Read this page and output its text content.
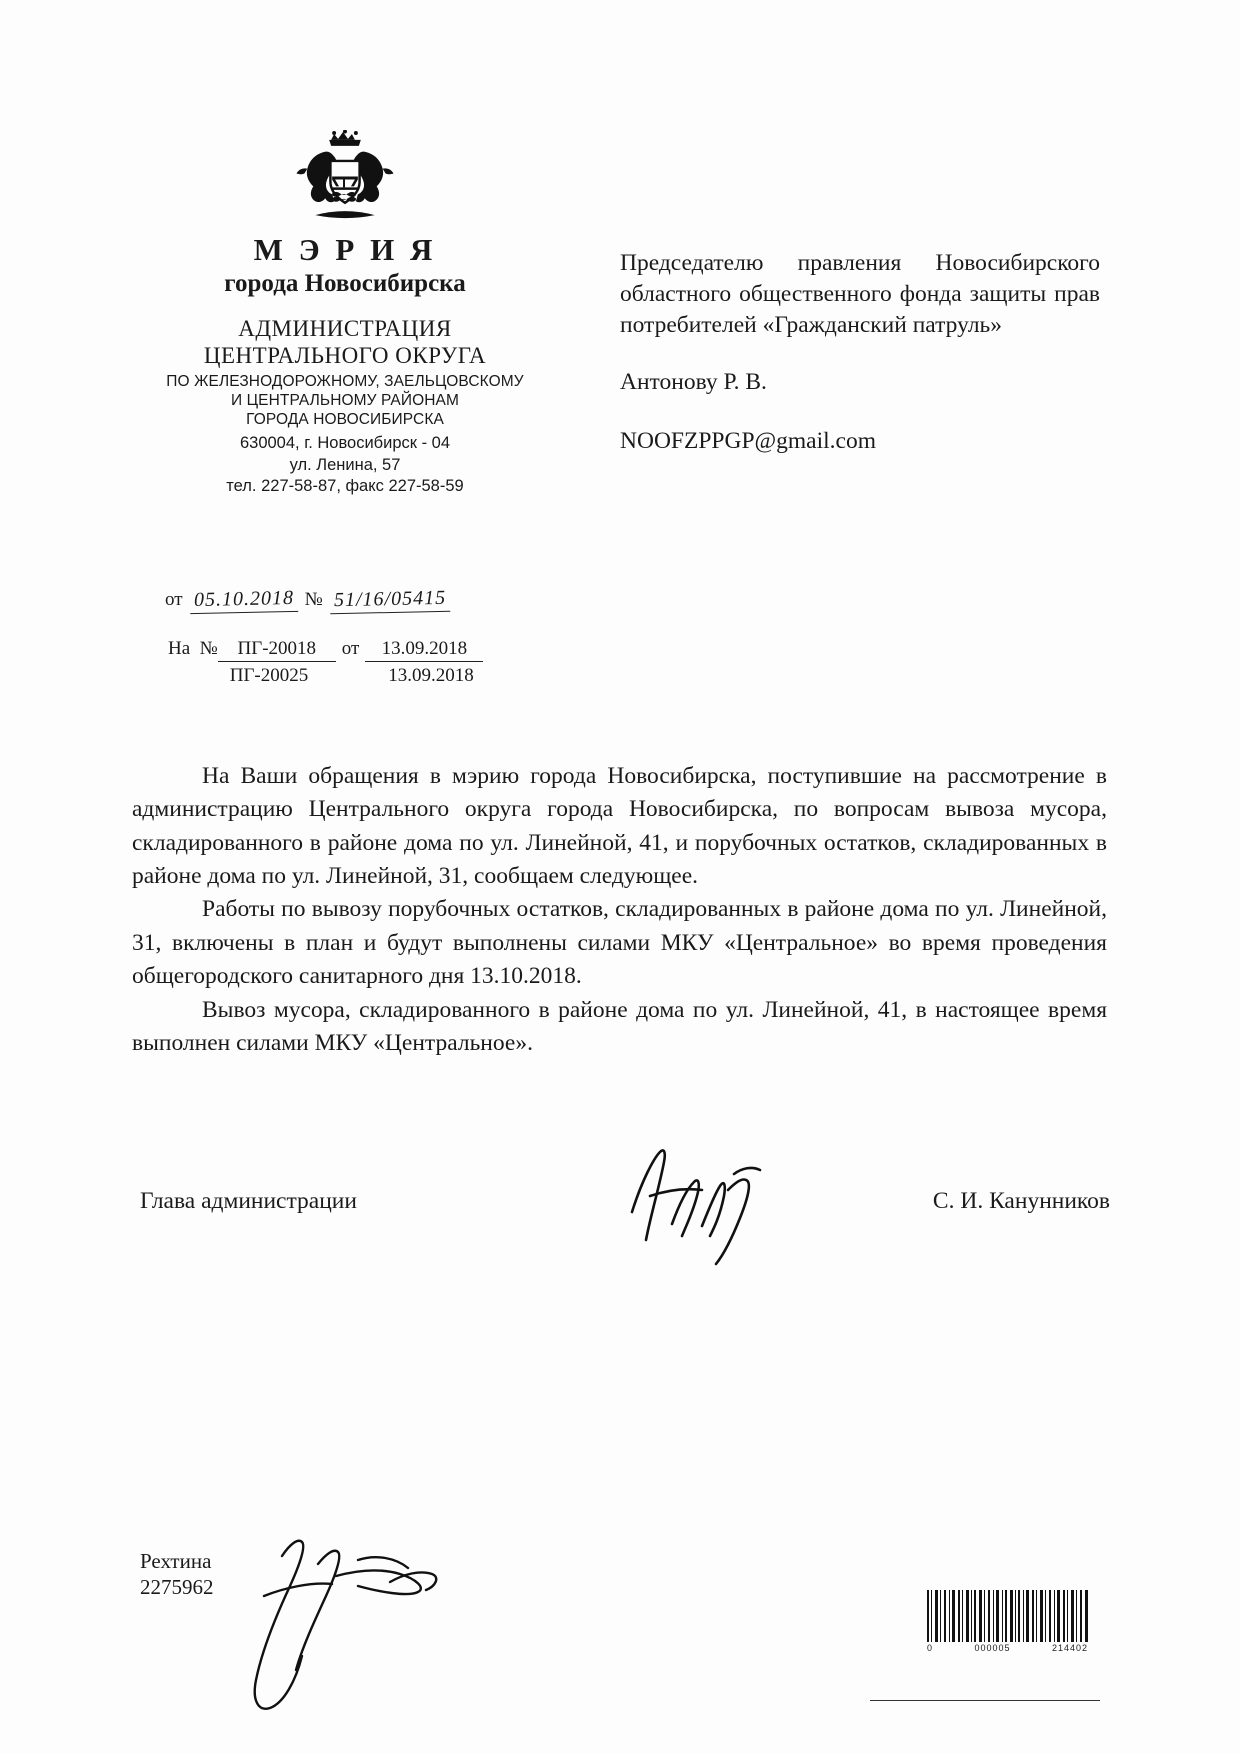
М Э Р И Я
города Новосибирска
АДМИНИСТРАЦИЯ
ЦЕНТРАЛЬНОГО ОКРУГА
ПО ЖЕЛЕЗНОДОРОЖНОМУ, ЗАЕЛЬЦОВСКОМУ
И ЦЕНТРАЛЬНОМУ РАЙОНАМ
ГОРОДА НОВОСИБИРСКА
630004, г. Новосибирск - 04
ул. Ленина, 57
тел. 227-58-87, факс 227-58-59
от 05.10.2018 № 51/16/05415
На  №	ПГ-20018	от	13.09.2018
ПГ-20025	13.09.2018
Председателю правления Новосибирского областного общественного фонда защиты прав потребителей «Гражданский патруль»
Антонову Р. В.
NOOFZPPGP@gmail.com

На Ваши обращения в мэрию города Новосибирска, поступившие на рассмотрение в администрацию Центрального округа города Новосибирска, по вопросам вывоза мусора, складированного в районе дома по ул. Линейной, 41, и порубочных остатков, складированных в районе дома по ул. Линейной, 31, сообщаем следующее.

Работы по вывозу порубочных остатков, складированных в районе дома по ул. Линейной, 31, включены в план и будут выполнены силами МКУ «Центральное» во время проведения общегородского санитарного дня 13.10.2018.

Вывоз мусора, складированного в районе дома по ул. Линейной, 41, в настоящее время выполнен силами МКУ «Центральное».

Глава администрации	С. И. Канунников
Рехтина
2275962
0	000005	214402
